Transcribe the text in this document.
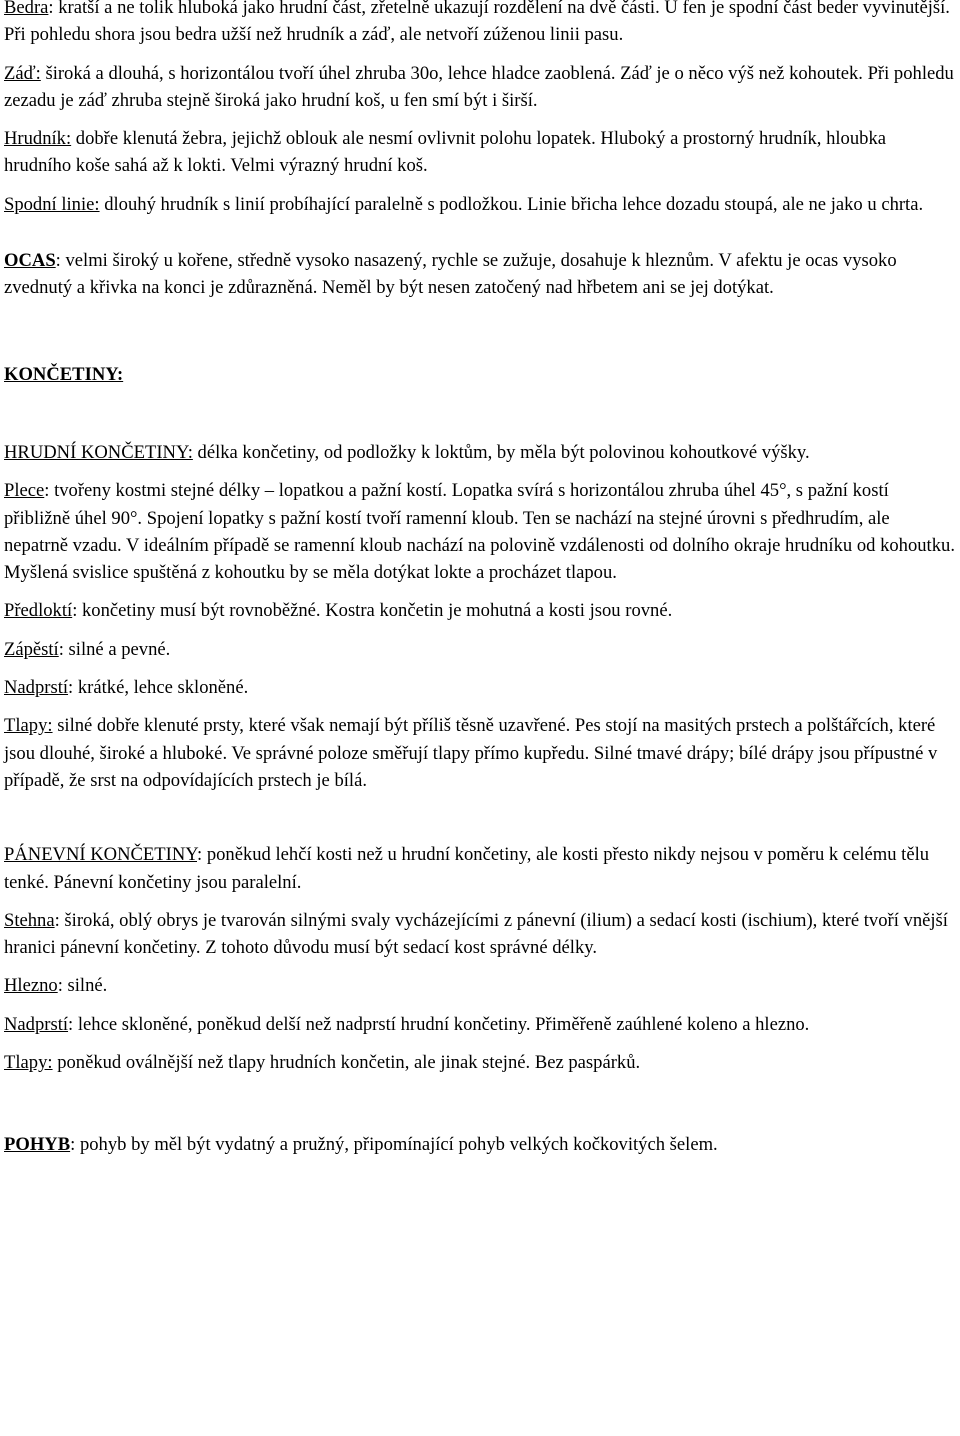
Bedra: kratší a ne tolik hluboká jako hrudní část, zřetelně ukazují rozdělení na dvě části. U fen je spodní část beder vyvinutější. Při pohledu shora jsou bedra užší než hrudník a záď, ale netvoří zúženou linii pasu.

Záď: široká a dlouhá, s horizontálou tvoří úhel zhruba 30o, lehce hladce zaoblená. Záď je o něco výš než kohoutek. Při pohledu zezadu je záď zhruba stejně široká jako hrudní koš, u fen smí být i širší.

Hrudník: dobře klenutá žebra, jejichž oblouk ale nesmí ovlivnit polohu lopatek. Hluboký a prostorný hrudník, hloubka hrudního koše sahá až k lokti. Velmi výrazný hrudní koš.

Spodní linie: dlouhý hrudník s linií probíhající paralelně s podložkou. Linie břicha lehce dozadu stoupá, ale ne jako u chrta.

OCAS: velmi široký u kořene, středně vysoko nasazený, rychle se zužuje, dosahuje k hleznům. V afektu je ocas vysoko zvednutý a křivka na konci je zdůrazněná. Neměl by být nesen zatočený nad hřbetem ani se jej dotýkat.

KONČETINY:

HRUDNÍ KONČETINY: délka končetiny, od podložky k loktům, by měla být polovinou kohoutkové výšky.

Plece: tvořeny kostmi stejné délky – lopatkou a pažní kostí. Lopatka svírá s horizontálou zhruba úhel 45°, s pažní kostí přibližně úhel 90°. Spojení lopatky s pažní kostí tvoří ramenní kloub. Ten se nachází na stejné úrovni s předhrudím, ale nepatrně vzadu. V ideálním případě se ramenní kloub nachází na polovině vzdálenosti od dolního okraje hrudníku od kohoutku. Myšlená svislice spuštěná z kohoutku by se měla dotýkat lokte a procházet tlapou.

Předloktí: končetiny musí být rovnoběžné. Kostra končetin je mohutná a kosti jsou rovné.

Zápěstí: silné a pevné.

Nadprstí: krátké, lehce skloněné.

Tlapy: silné dobře klenuté prsty, které však nemají být příliš těsně uzavřené. Pes stojí na masitých prstech a polštářcích, které jsou dlouhé, široké a hluboké. Ve správné poloze směřují tlapy přímo kupředu. Silné tmavé drápy; bílé drápy jsou přípustné v případě, že srst na odpovídajících prstech je bílá.

PÁNEVNÍ KONČETINY: poněkud lehčí kosti než u hrudní končetiny, ale kosti přesto nikdy nejsou v poměru k celému tělu tenké. Pánevní končetiny jsou paralelní.

Stehna: široká, oblý obrys je tvarován silnými svaly vycházejícími z pánevní (ilium) a sedací kosti (ischium), které tvoří vnější hranici pánevní končetiny. Z tohoto důvodu musí být sedací kost správné délky.

Hlezno: silné.

Nadprstí: lehce skloněné, poněkud delší než nadprstí hrudní končetiny. Přiměřeně zaúhlené koleno a hlezno.

Tlapy: poněkud oválnější než tlapy hrudních končetin, ale jinak stejné. Bez paspárků.

POHYB: pohyb by měl být vydatný a pružný, připomínající pohyb velkých kočkovitých šelem.
